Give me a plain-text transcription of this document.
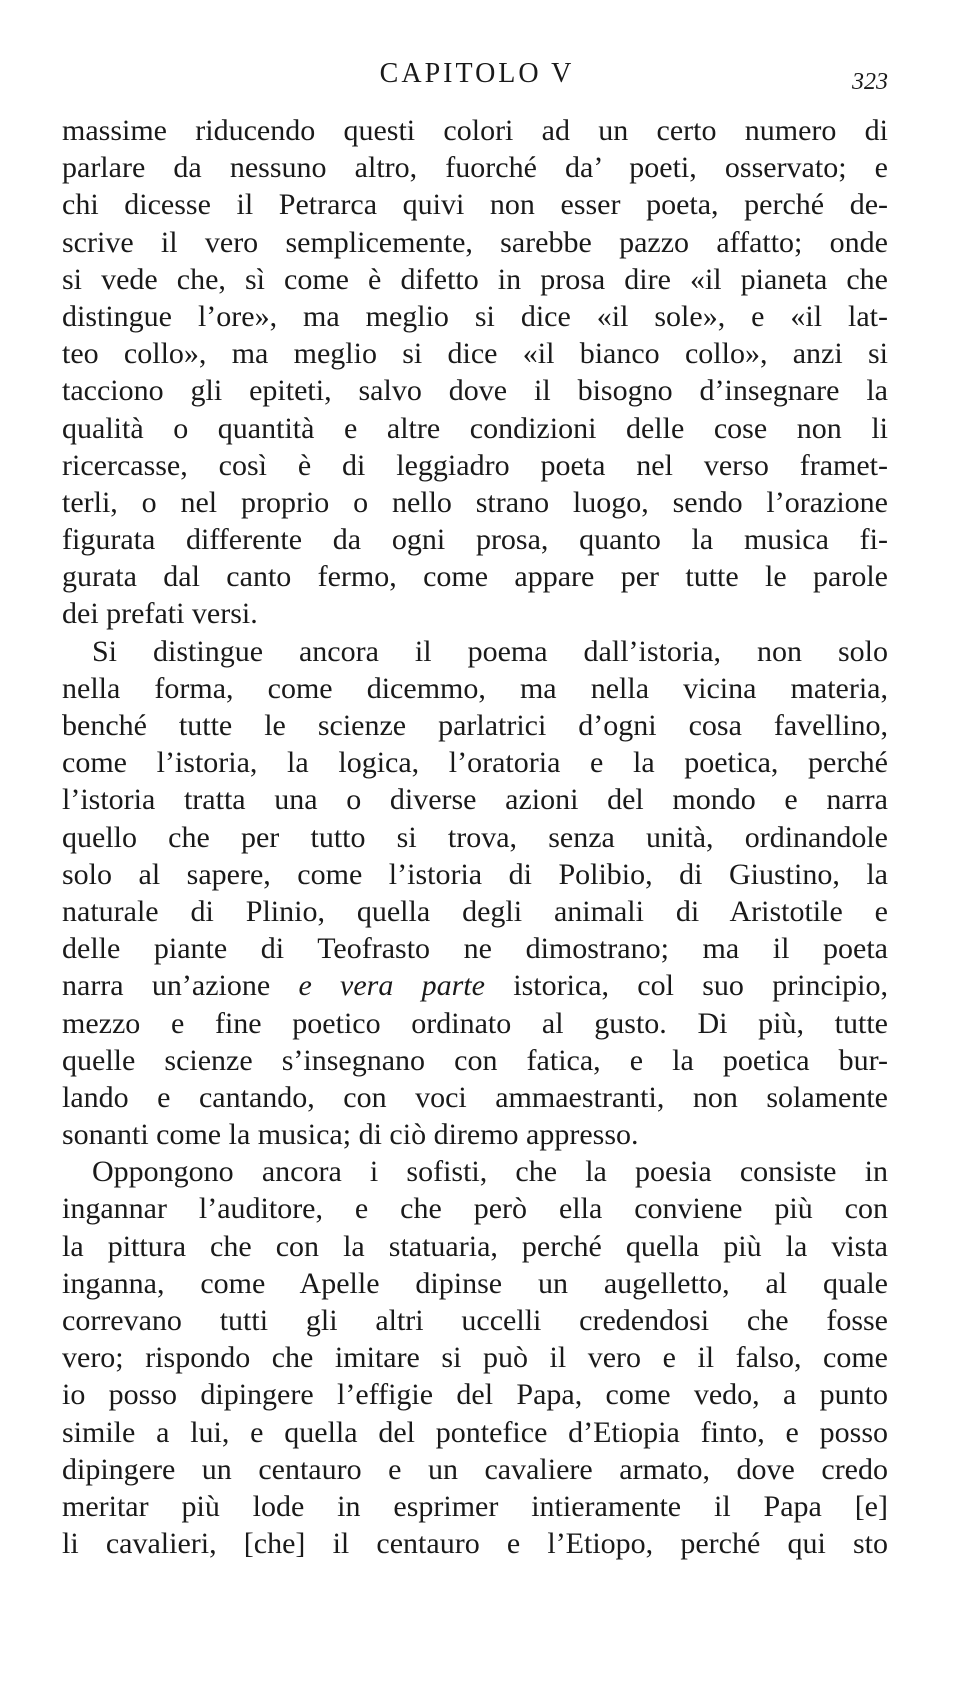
CAPITOLO V	323
massime riducendo questi colori ad un certo numero di
parlare da nessuno altro, fuorché da’ poeti, osservato; e
chi dicesse il Petrarca quivi non esser poeta, perché de-
scrive il vero semplicemente, sarebbe pazzo affatto; onde
si vede che, sì come è difetto in prosa dire «il pianeta che
distingue l’ore», ma meglio si dice «il sole», e «il lat-
teo collo», ma meglio si dice «il bianco collo», anzi si
tacciono gli epiteti, salvo dove il bisogno d’insegnare la
qualità o quantità e altre condizioni delle cose non li
ricercasse, così è di leggiadro poeta nel verso framet-
terli, o nel proprio o nello strano luogo, sendo l’orazione
figurata differente da ogni prosa, quanto la musica fi-
gurata dal canto fermo, come appare per tutte le parole
dei prefati versi.
Si distingue ancora il poema dall’istoria, non solo
nella forma, come dicemmo, ma nella vicina materia,
benché tutte le scienze parlatrici d’ogni cosa favellino,
come l’istoria, la logica, l’oratoria e la poetica, perché
l’istoria tratta una o diverse azioni del mondo e narra
quello che per tutto si trova, senza unità, ordinandole
solo al sapere, come l’istoria di Polibio, di Giustino, la
naturale di Plinio, quella degli animali di Aristotile e
delle piante di Teofrasto ne dimostrano; ma il poeta
narra un’azione e vera parte istorica, col suo principio,
mezzo e fine poetico ordinato al gusto. Di più, tutte
quelle scienze s’insegnano con fatica, e la poetica bur-
lando e cantando, con voci ammaestranti, non solamente
sonanti come la musica; di ciò diremo appresso.
Oppongono ancora i sofisti, che la poesia consiste in
ingannar l’auditore, e che però ella conviene più con
la pittura che con la statuaria, perché quella più la vista
inganna, come Apelle dipinse un augelletto, al quale
correvano tutti gli altri uccelli credendosi che fosse
vero; rispondo che imitare si può il vero e il falso, come
io posso dipingere l’effigie del Papa, come vedo, a punto
simile a lui, e quella del pontefice d’Etiopia finto, e posso
dipingere un centauro e un cavaliere armato, dove credo
meritar più lode in esprimer intieramente il Papa [e]
li cavalieri, [che] il centauro e l’Etiopo, perché qui sto
